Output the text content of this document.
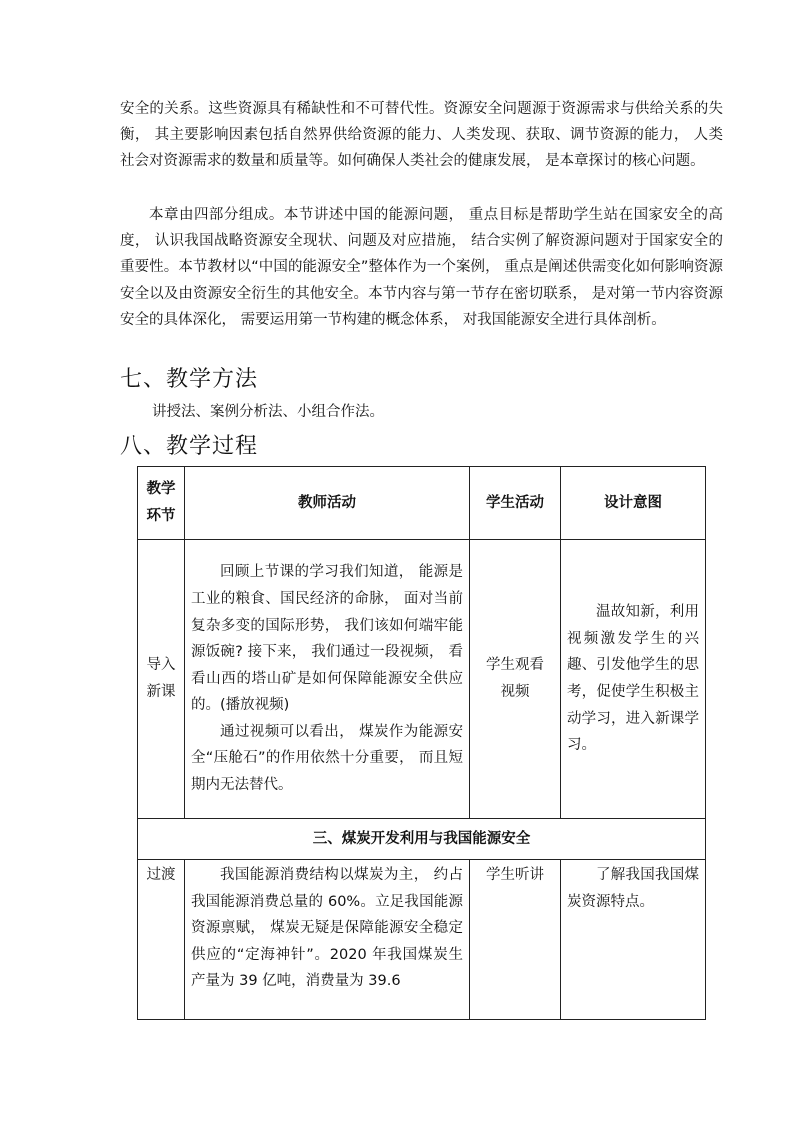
安全的关系。这些资源具有稀缺性和不可替代性。资源安全问题源于资源需求与供给关系的失衡， 其主要影响因素包括自然界供给资源的能力、人类发现、获取、调节资源的能力， 人类社会对资源需求的数量和质量等。如何确保人类社会的健康发展， 是本章探讨的核心问题。

本章由四部分组成。本节讲述中国的能源问题， 重点目标是帮助学生站在国家安全的高度， 认识我国战略资源安全现状、问题及对应措施， 结合实例了解资源问题对于国家安全的重要性。本节教材以“中国的能源安全”整体作为一个案例， 重点是阐述供需变化如何影响资源安全以及由资源安全衍生的其他安全。本节内容与第一节存在密切联系， 是对第一节内容资源安全的具体深化， 需要运用第一节构建的概念体系， 对我国能源安全进行具体剖析。

七、教学方法

讲授法、案例分析法、小组合作法。

八、教学过程
教学环节	教师活动	学生活动	设计意图
导入新课	回顾上节课的学习我们知道， 能源是工业的粮食、国民经济的命脉， 面对当前复杂多变的国际形势， 我们该如何端牢能源饭碗? 接下来， 我们通过一段视频， 看看山西的塔山矿是如何保障能源安全供应的。(播放视频)

通过视频可以看出， 煤炭作为能源安全“压舱石”的作用依然十分重要， 而且短期内无法替代。	学生观看视频	温故知新，利用视频激发学生的兴趣、引发他学生的思考，促使学生积极主动学习，进入新课学习。

三、煤炭开发利用与我国能源安全			
过渡	我国能源消费结构以煤炭为主， 约占我国能源消费总量的 60%。立足我国能源资源禀赋， 煤炭无疑是保障能源安全稳定供应的“定海神针”。2020 年我国煤炭生产量为 39 亿吨，消费量为 39.6	学生听讲	了解我国我国煤炭资源特点。
